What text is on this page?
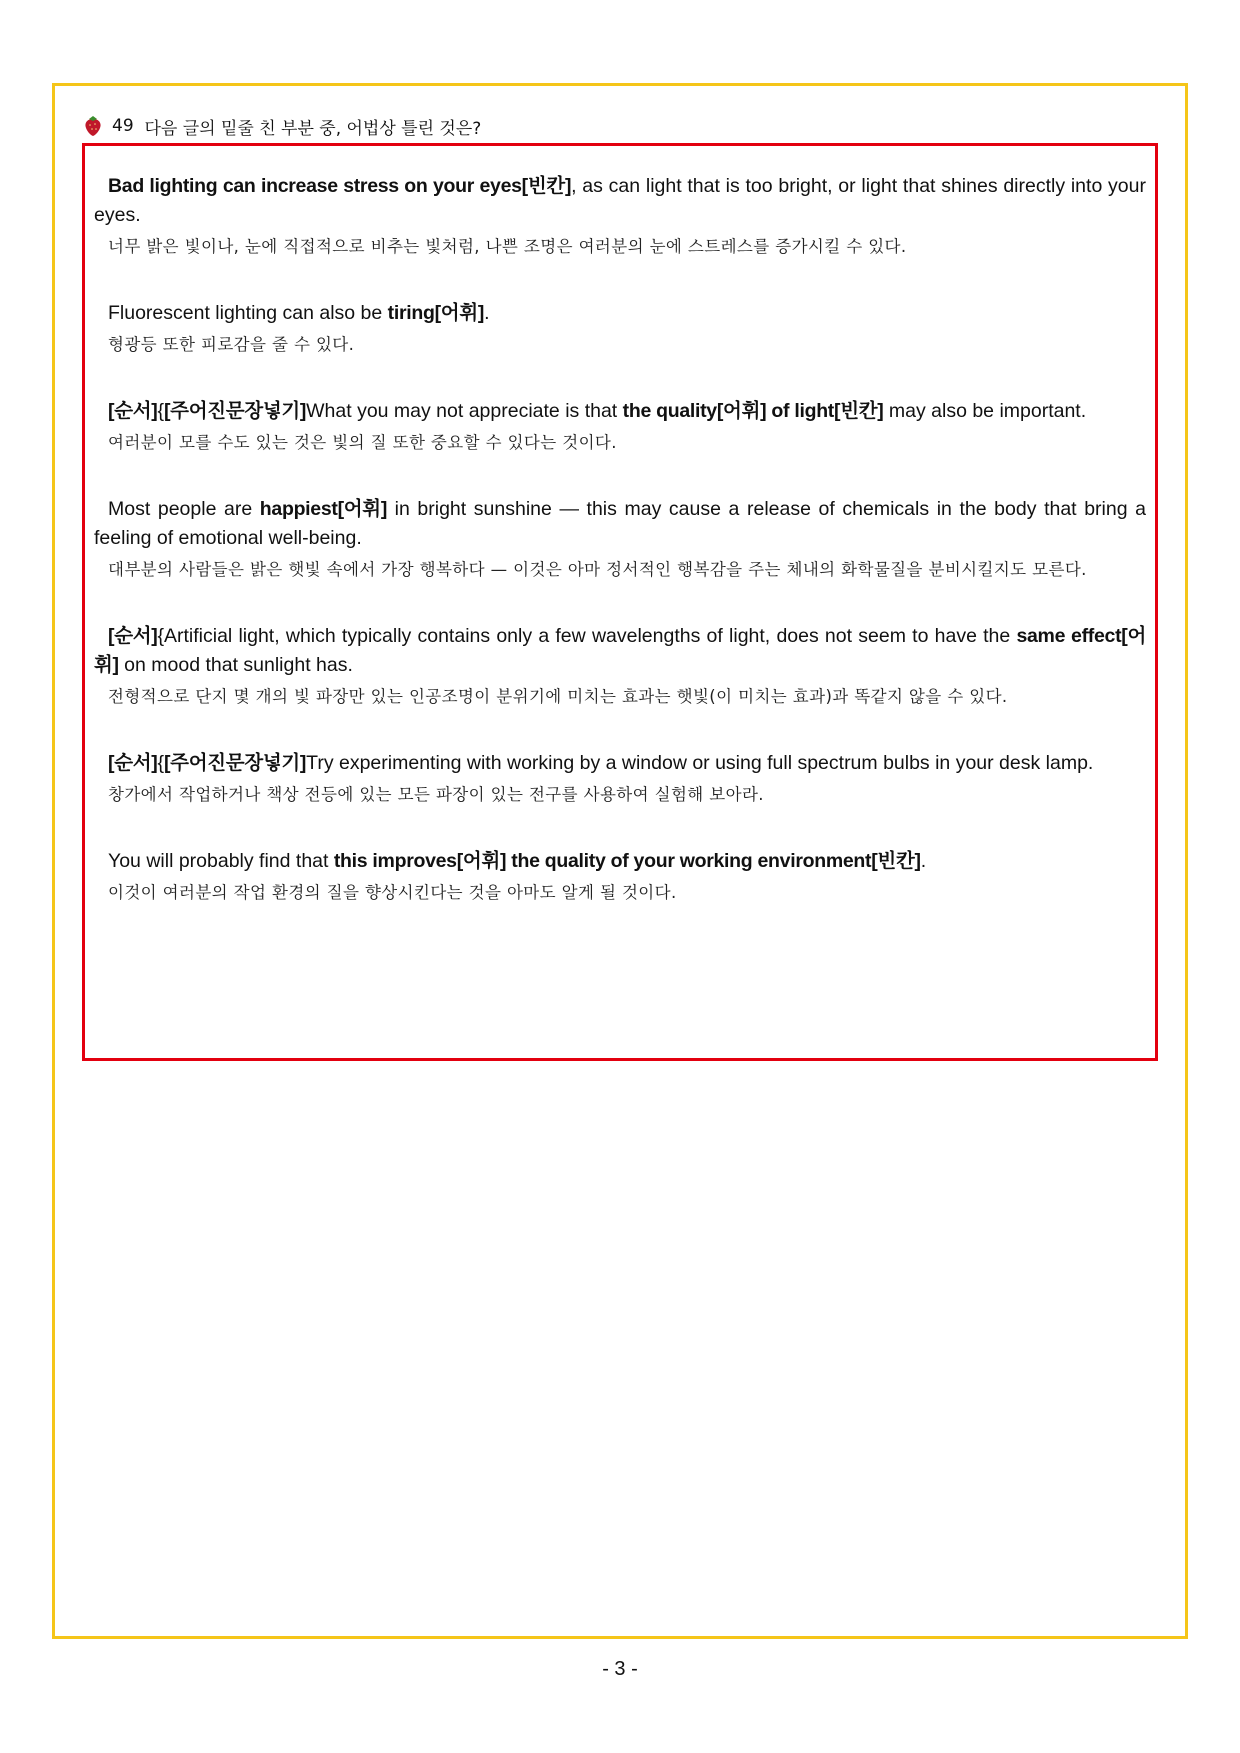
49
다음 글의 밑줄 친 부분 중, 어법상 틀린 것은?

Bad lighting can increase stress on your eyes[빈칸], as can light that is too bright, or light that shines directly into your eyes.

너무 밝은 빛이나, 눈에 직접적으로 비추는 빛처럼, 나쁜 조명은 여러분의 눈에 스트레스를 증가시킬 수 있다.

Fluorescent lighting can also be tiring[어휘].

형광등 또한 피로감을 줄 수 있다.

[순서]{[주어진문장넣기]What you may not appreciate is that the quality[어휘] of light[빈칸] may also be important.

여러분이 모를 수도 있는 것은 빛의 질 또한 중요할 수 있다는 것이다.

Most people are happiest[어휘] in bright sunshine — this may cause a release of chemicals in the body that bring a feeling of emotional well-being.

대부분의 사람들은 밝은 햇빛 속에서 가장 행복하다 — 이것은 아마 정서적인 행복감을 주는 체내의 화학물질을 분비시킬지도 모른다.

[순서]{Artificial light, which typically contains only a few wavelengths of light, does not seem to have the same effect[어휘] on mood that sunlight has.

전형적으로 단지 몇 개의 빛 파장만 있는 인공조명이 분위기에 미치는 효과는 햇빛(이 미치는 효과)과 똑같지 않을 수 있다.

[순서]{[주어진문장넣기]Try experimenting with working by a window or using full spectrum bulbs in your desk lamp.

창가에서 작업하거나 책상 전등에 있는 모든 파장이 있는 전구를 사용하여 실험해 보아라.

You will probably find that this improves[어휘] the quality of your working environment[빈칸].

이것이 여러분의 작업 환경의 질을 향상시킨다는 것을 아마도 알게 될 것이다.

- 3 -
